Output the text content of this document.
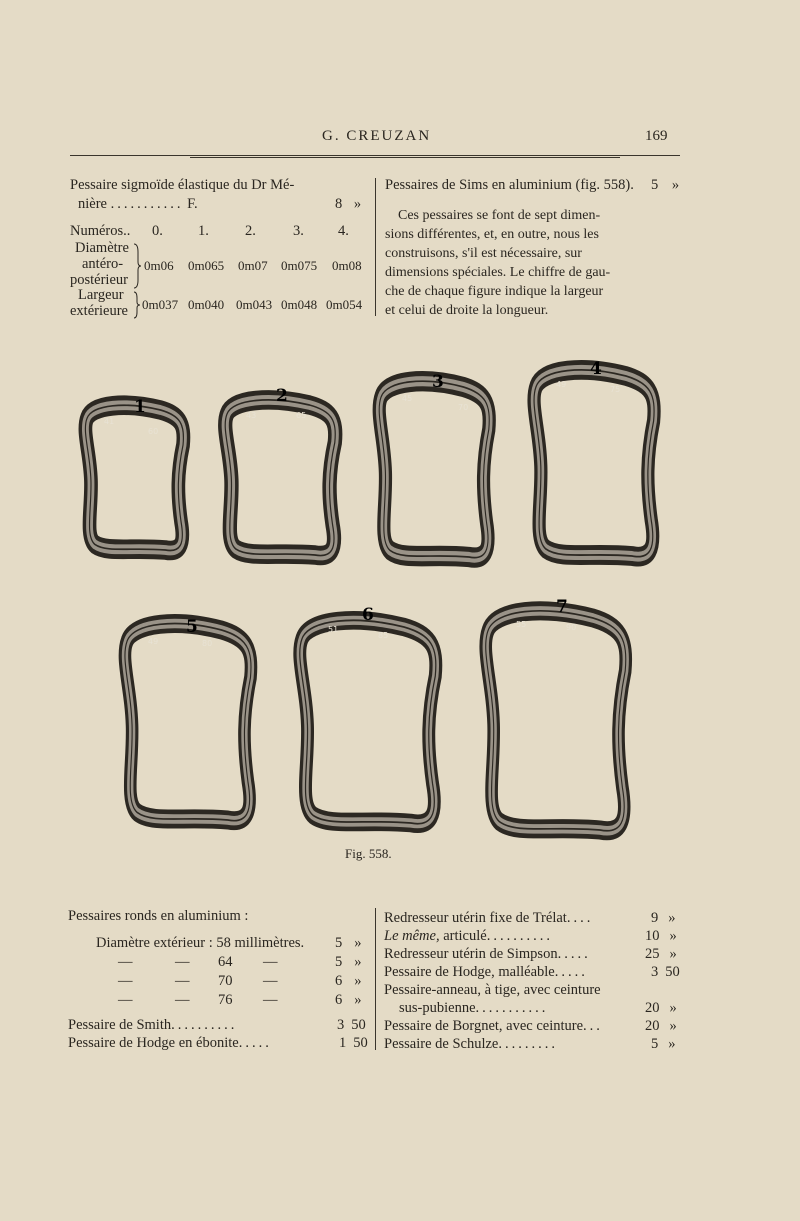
G. CREUZAN	169
Pessaire sigmoïde élastique du Dr Mé-
nière ........... F.	8 »
Numéros.. 0. 1. 2.	3. 4.
Diamètre
antéro-
postérieur
0m06 0m065 0m07 0m075 0m08
Largeur
extérieure 0m037 0m040 0m043 0m048 0m054
Pessaires de Sims en aluminium (fig. 558). 5 »
Ces pessaires se font de sept dimen-
sions différentes, et, en outre, nous les
construisons, s'il est nécessaire, sur
dimensions spéciales. Le chiffre de gau-
che de chaque figure indique la largeur
et celui de droite la longueur.
1
2
3
4
5
6	7
41
60
43	65
45
70
49
75
49	80
51
85
55	90
Fig. 558.
Pessaires ronds en aluminium :
Diamètre extérieur : 58 millimètres. 5 »
—	— 64 —	5 »
—	— 70 —	6 »
—	— 76 —	6 »
Pessaire de Smith..........	3 50
Pessaire de Hodge en ébonite.....	1 50
Redresseur utérin fixe de Trélat....	9 »
Le même, articulé..........	10 »
Redresseur utérin de Simpson.....	25 »
Pessaire de Hodge, malléable.....	3 50
Pessaire-anneau, à tige, avec ceinture
sus-pubienne...........	20 »
Pessaire de Borgnet, avec ceinture...	20 »
Pessaire de Schulze.........	5 »
